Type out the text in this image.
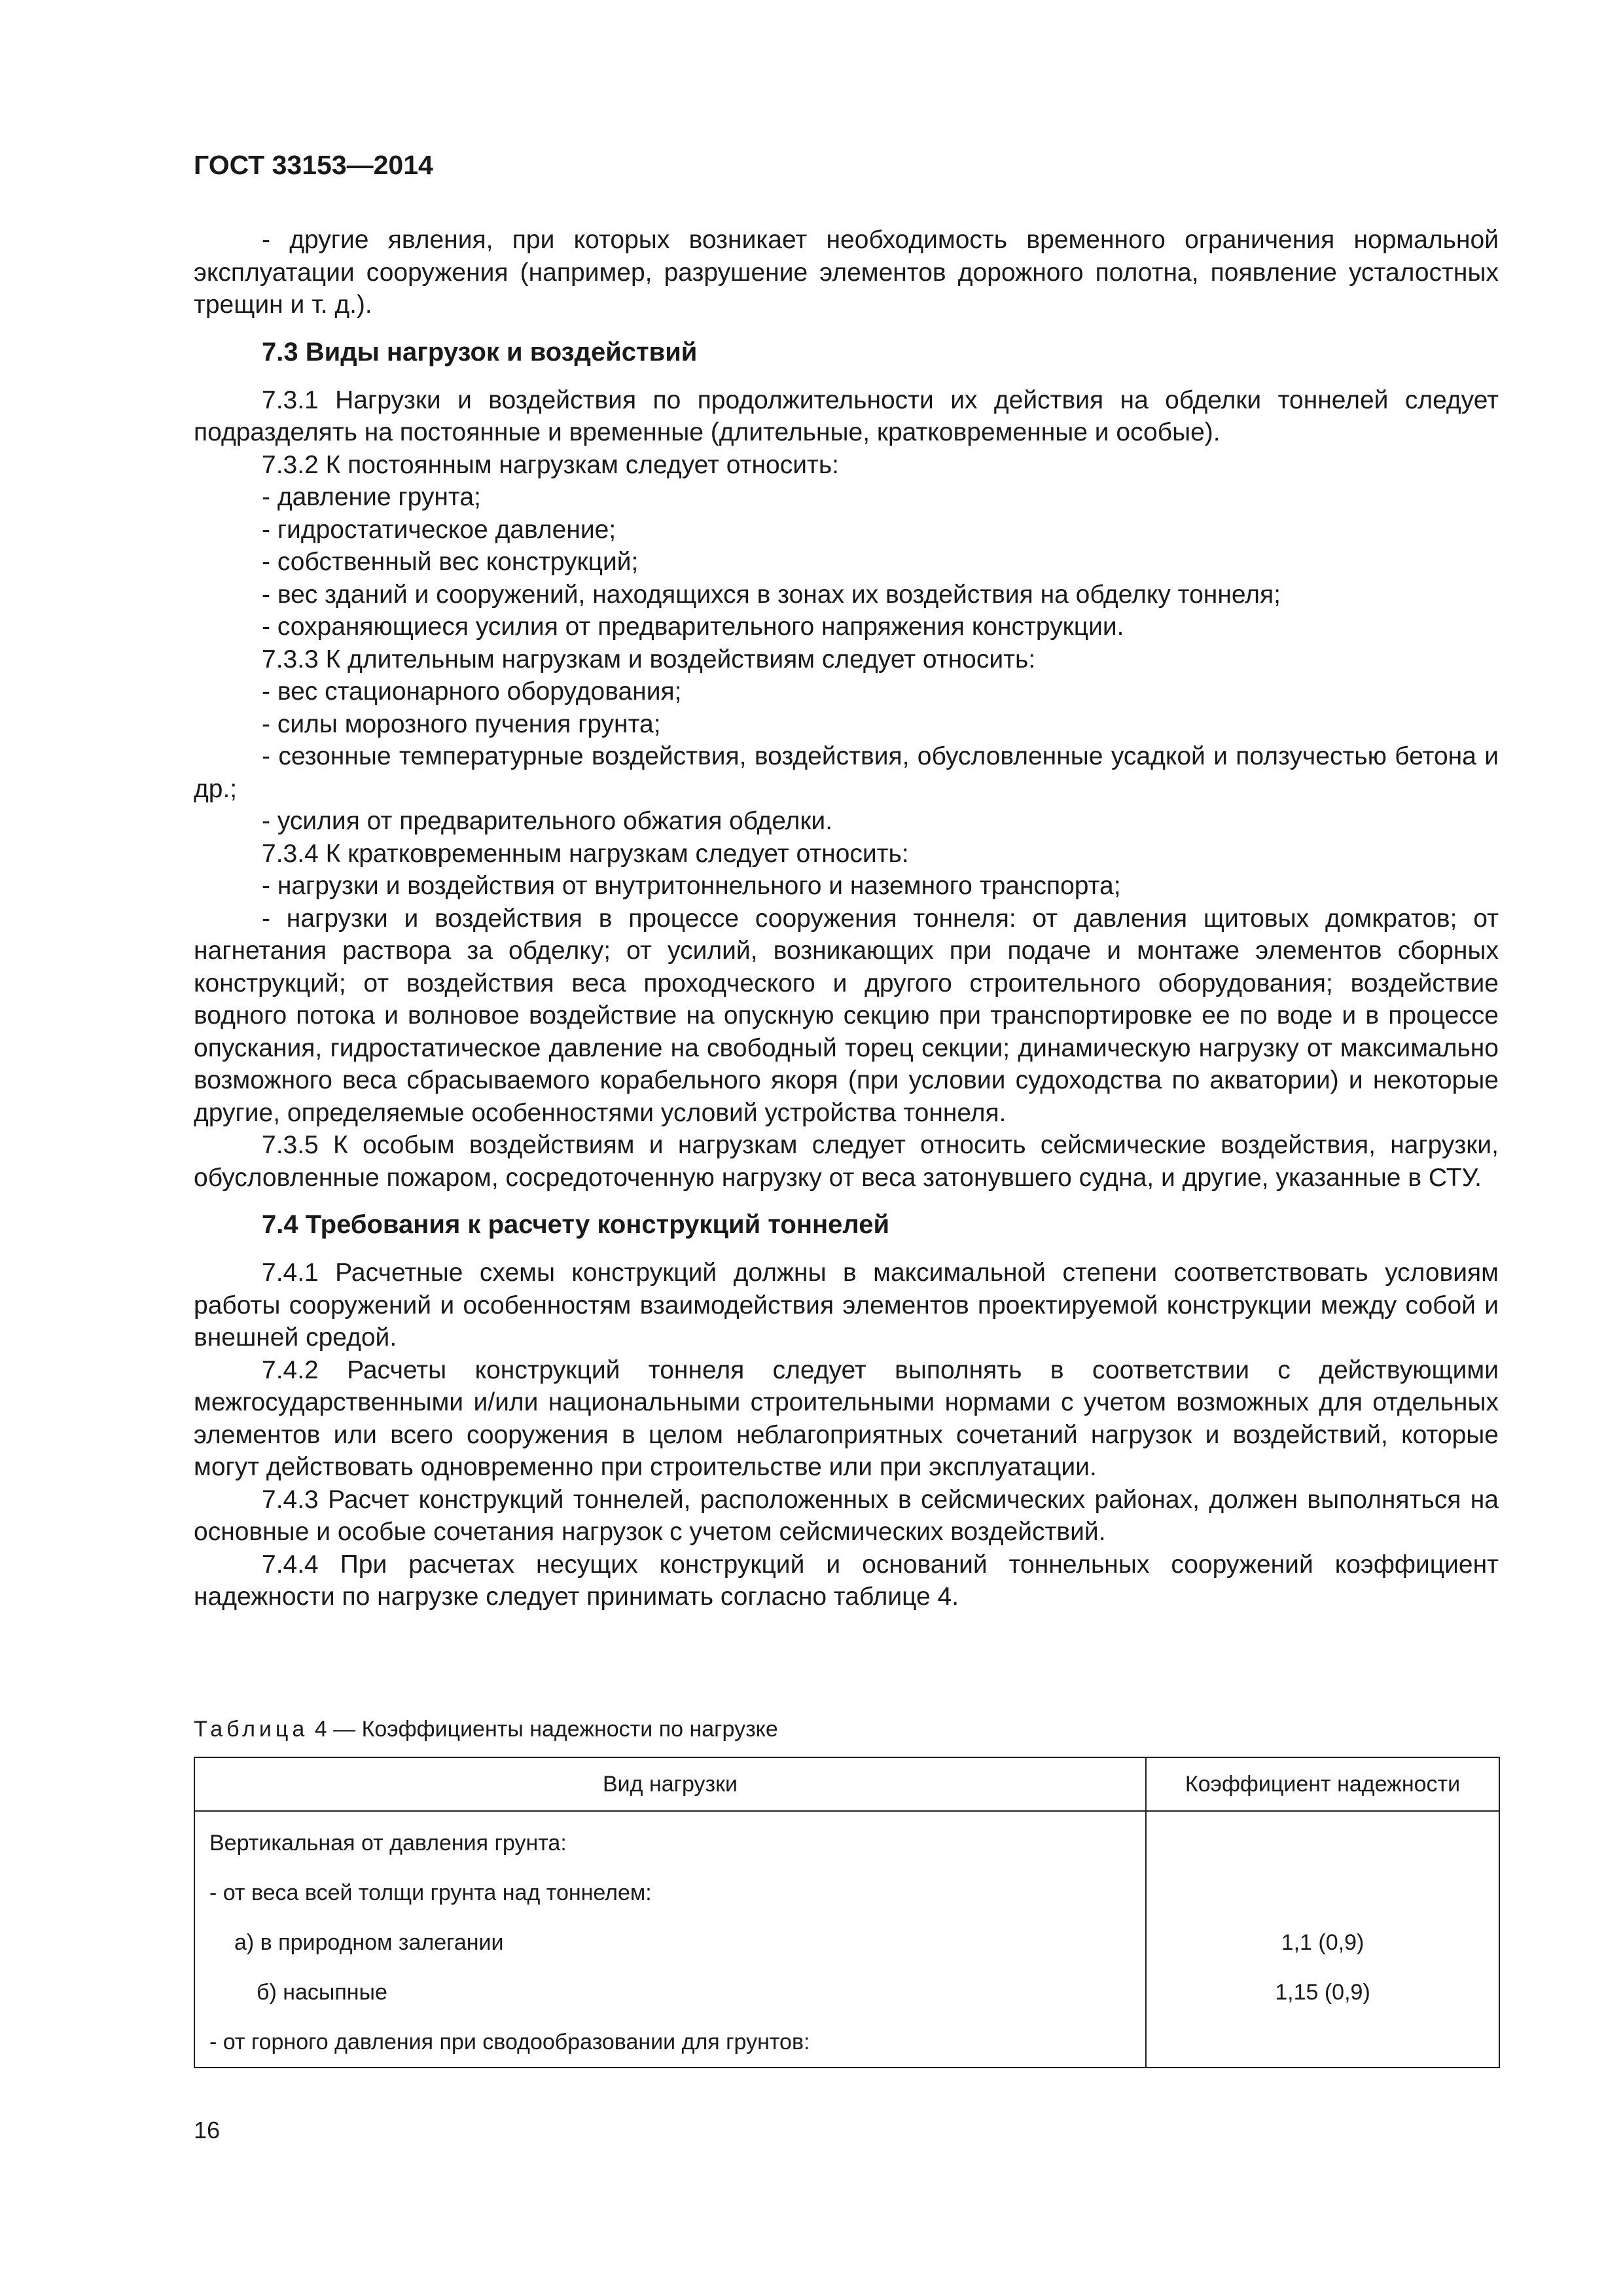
ГОСТ 33153—2014

- другие явления, при которых возникает необходимость временного ограничения нормальной эксплуатации сооружения (например, разрушение элементов дорожного полотна, появление усталостных трещин и т. д.).

7.3 Виды нагрузок и воздействий

7.3.1 Нагрузки и воздействия по продолжительности их действия на обделки тоннелей следует подразделять на постоянные и временные (длительные, кратковременные и особые).

7.3.2 К постоянным нагрузкам следует относить:

- давление грунта;

- гидростатическое давление;

- собственный вес конструкций;

- вес зданий и сооружений, находящихся в зонах их воздействия на обделку тоннеля;

- сохраняющиеся усилия от предварительного напряжения конструкции.

7.3.3 К длительным нагрузкам и воздействиям следует относить:

- вес стационарного оборудования;

- силы морозного пучения грунта;

- сезонные температурные воздействия, воздействия, обусловленные усадкой и ползучестью бетона и др.;

- усилия от предварительного обжатия обделки.

7.3.4 К кратковременным нагрузкам следует относить:

- нагрузки и воздействия от внутритоннельного и наземного транспорта;

- нагрузки и воздействия в процессе сооружения тоннеля: от давления щитовых домкратов; от нагнетания раствора за обделку; от усилий, возникающих при подаче и монтаже элементов сборных конструкций; от воздействия веса проходческого и другого строительного оборудования; воздействие водного потока и волновое воздействие на опускную секцию при транспортировке ее по воде и в процессе опускания, гидростатическое давление на свободный торец секции; динамическую нагрузку от максимально возможного веса сбрасываемого корабельного якоря (при условии судоходства по акватории) и некоторые другие, определяемые особенностями условий устройства тоннеля.

7.3.5 К особым воздействиям и нагрузкам следует относить сейсмические воздействия, нагрузки, обусловленные пожаром, сосредоточенную нагрузку от веса затонувшего судна, и другие, указанные в СТУ.

7.4 Требования к расчету конструкций тоннелей

7.4.1 Расчетные схемы конструкций должны в максимальной степени соответствовать условиям работы сооружений и особенностям взаимодействия элементов проектируемой конструкции между собой и внешней средой.

7.4.2 Расчеты конструкций тоннеля следует выполнять в соответствии с действующими межгосударственными и/или национальными строительными нормами с учетом возможных для отдельных элементов или всего сооружения в целом неблагоприятных сочетаний нагрузок и воздействий, которые могут действовать одновременно при строительстве или при эксплуатации.

7.4.3 Расчет конструкций тоннелей, расположенных в сейсмических районах, должен выполняться на основные и особые сочетания нагрузок с учетом сейсмических воздействий.

7.4.4 При расчетах несущих конструкций и оснований тоннельных сооружений коэффициент надежности по нагрузке следует принимать согласно таблице 4.

Таблица 4 — Коэффициенты надежности по нагрузке
Вид нагрузки	Коэффициент надежности
Вертикальная от давления грунта:	
- от веса всей толщи грунта над тоннелем:	
а) в природном залегании	1,1 (0,9)
б) насыпные	1,15 (0,9)
- от горного давления при сводообразовании для грунтов:	
16
